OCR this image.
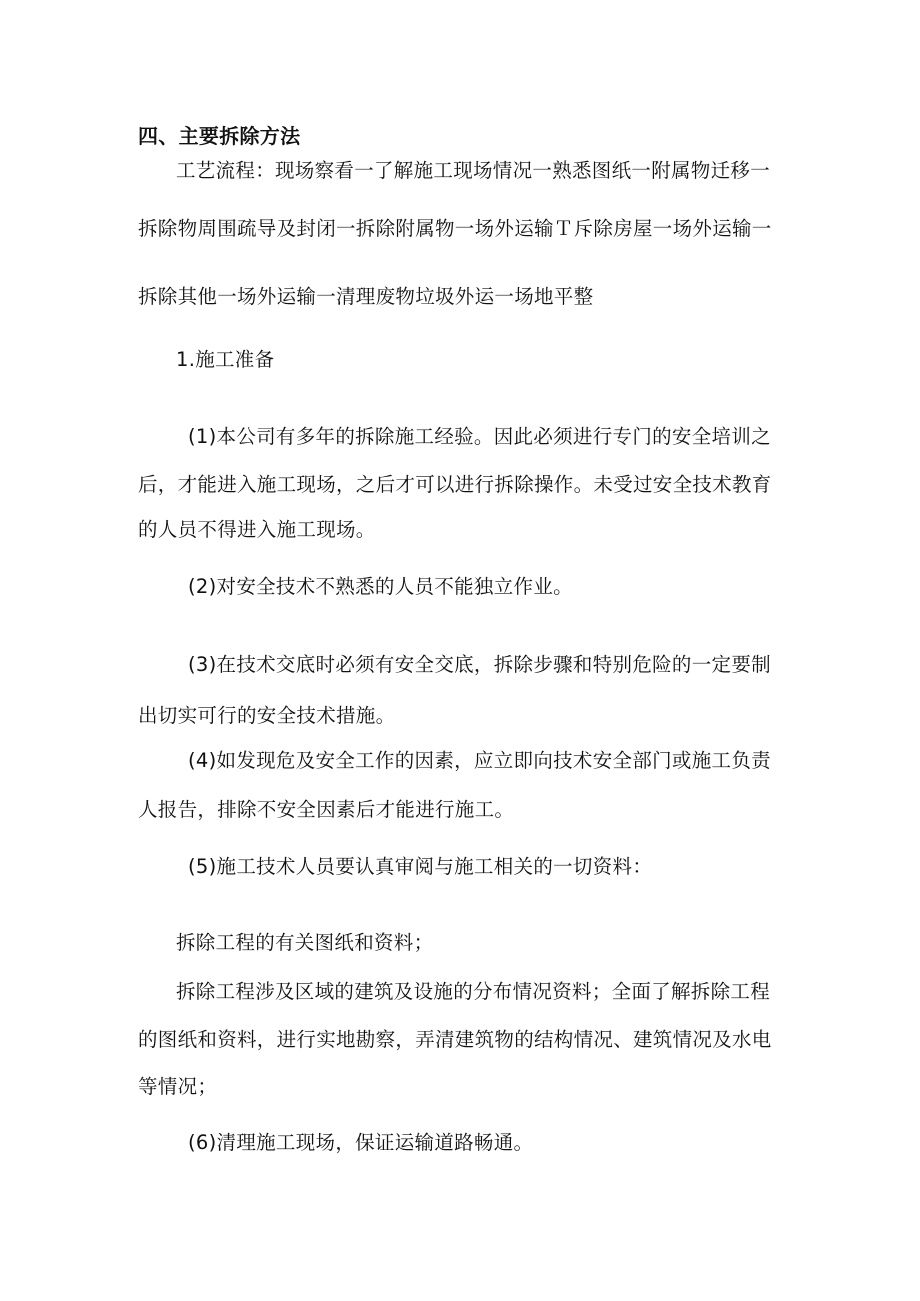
四、主要拆除方法
工艺流程：现场察看一了解施工现场情况一熟悉图纸一附属物迁移一
拆除物周围疏导及封闭一拆除附属物一场外运输Ｔ斥除房屋一场外运输一
拆除其他一场外运输一清理废物垃圾外运一场地平整
1.施工准备
(1)本公司有多年的拆除施工经验。因此必须进行专门的安全培训之
后，才能进入施工现场，之后才可以进行拆除操作。未受过安全技术教育
的人员不得进入施工现场。
(2)对安全技术不熟悉的人员不能独立作业。
(3)在技术交底时必须有安全交底，拆除步骤和特别危险的一定要制
出切实可行的安全技术措施。
(4)如发现危及安全工作的因素，应立即向技术安全部门或施工负责
人报告，排除不安全因素后才能进行施工。
(5)施工技术人员要认真审阅与施工相关的一切资料：
拆除工程的有关图纸和资料；
拆除工程涉及区域的建筑及设施的分布情况资料；全面了解拆除工程
的图纸和资料，进行实地勘察，弄清建筑物的结构情况、建筑情况及水电
等情况；
(6)清理施工现场，保证运输道路畅通。
